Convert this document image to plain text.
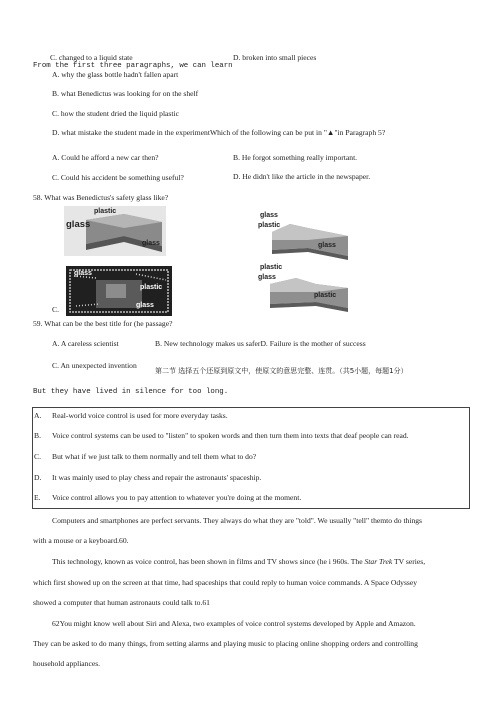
C. changed to a liquid state	D. broken into small pieces
From the first three paragraphs, we can learn
A. why the glass bottle hadn't fallen apart
B. what Benedictus was looking for on the shelf
C. how the student dried the liquid plastic
D. what mistake the student made in the experimentWhich of the following can be put in "▲"in Paragraph 5?
A. Could he afford a new car then?	B. He forgot something really important.
C. Could his accident be something useful?	D. He didn't like the article in the newspaper.
58. What was Benedictus's safety glass like?
plastic
glass
glass
glass
plastic
glass
glass
plastic
glass
C.
plastic
glass
plastic
59. What can be the best title for (he passage?
A. A careless scientist	B. New technology makes us saferD. Failure is the mother of success
C. An unexpected invention
第二节 选择五个还原到原文中，使原文的意思完整、连贯。（共5小题，每题1分）
But they have lived in silence for too long.
A. Real-world voice control is used for more everyday tasks.
B. Voice control systems can be used to "listen" to spoken words and then turn them into texts that deaf people can read.
C. But what if we just talk to them normally and tell them what to do?
D. It was mainly used to play chess and repair the astronauts' spaceship.
E. Voice control allows you to pay attention to whatever you're doing at the moment.
Computers and smartphones are perfect servants. They always do what they are "told". We usually "tell" themto do things
with a mouse or a keyboard.60.
This technology, known as voice control, has been shown in films and TV shows since (he i 960s. The Star Trek TV series,
which first showed up on the screen at that time, had spaceships that could reply to human voice commands. A Space Odyssey
showed a computer that human astronauts could talk to.61
62You might know well about Siri and Alexa, two examples of voice control systems developed by Apple and Amazon.
They can be asked to do many things, from setting alarms and playing music to placing online shopping orders and controlling
household appliances.
